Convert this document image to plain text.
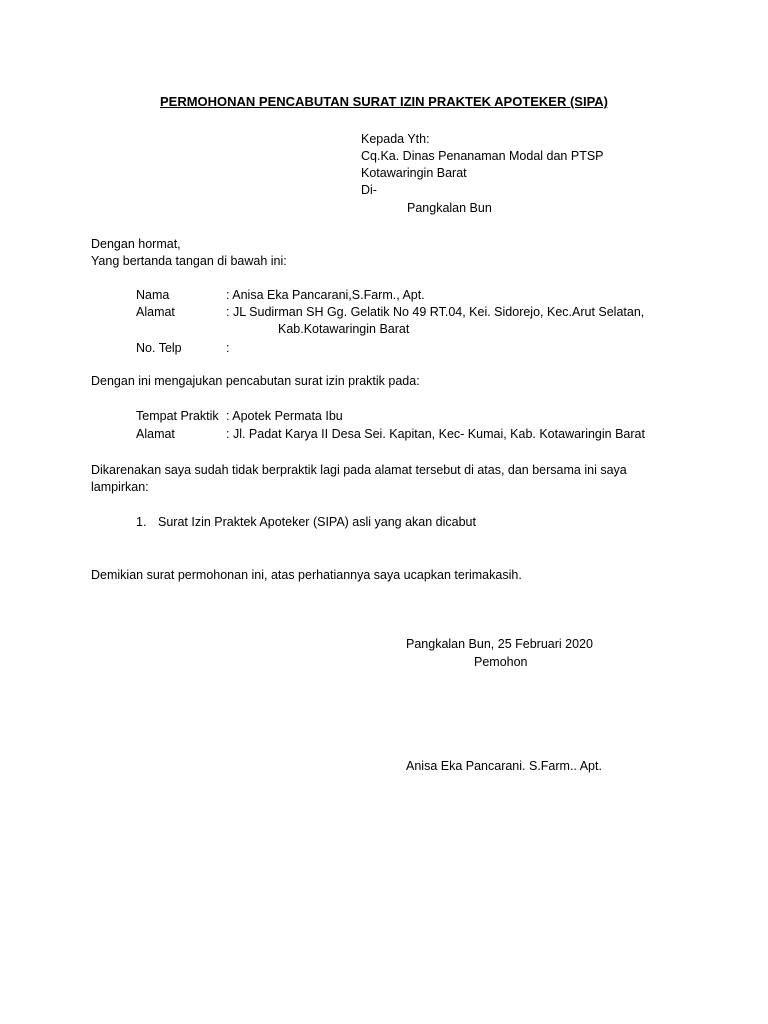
PERMOHONAN PENCABUTAN SURAT IZIN PRAKTEK APOTEKER (SIPA)
Kepada Yth:
Cq.Ka. Dinas Penanaman Modal dan PTSP
Kotawaringin Barat
Di-
Pangkalan Bun
Dengan hormat,
Yang bertanda tangan di bawah ini:
Nama	: Anisa Eka Pancarani,S.Farm., Apt.
Alamat	: JL Sudirman SH Gg. Gelatik No 49 RT.04, Kei. Sidorejo, Kec.Arut Selatan,
Kab.Kotawaringin Barat
No. Telp	:
Dengan ini mengajukan pencabutan surat izin praktik pada:
Tempat Praktik : Apotek Permata Ibu
Alamat	: Jl. Padat Karya II Desa Sei. Kapitan, Kec- Kumai, Kab. Kotawaringin Barat
Dikarenakan saya sudah tidak berpraktik lagi pada alamat tersebut di atas, dan bersama ini saya
lampirkan:
1. Surat Izin Praktek Apoteker (SIPA) asli yang akan dicabut
Demikian surat permohonan ini, atas perhatiannya saya ucapkan terimakasih.
Pangkalan Bun, 25 Februari 2020
Pemohon
Anisa Eka Pancarani. S.Farm.. Apt.
